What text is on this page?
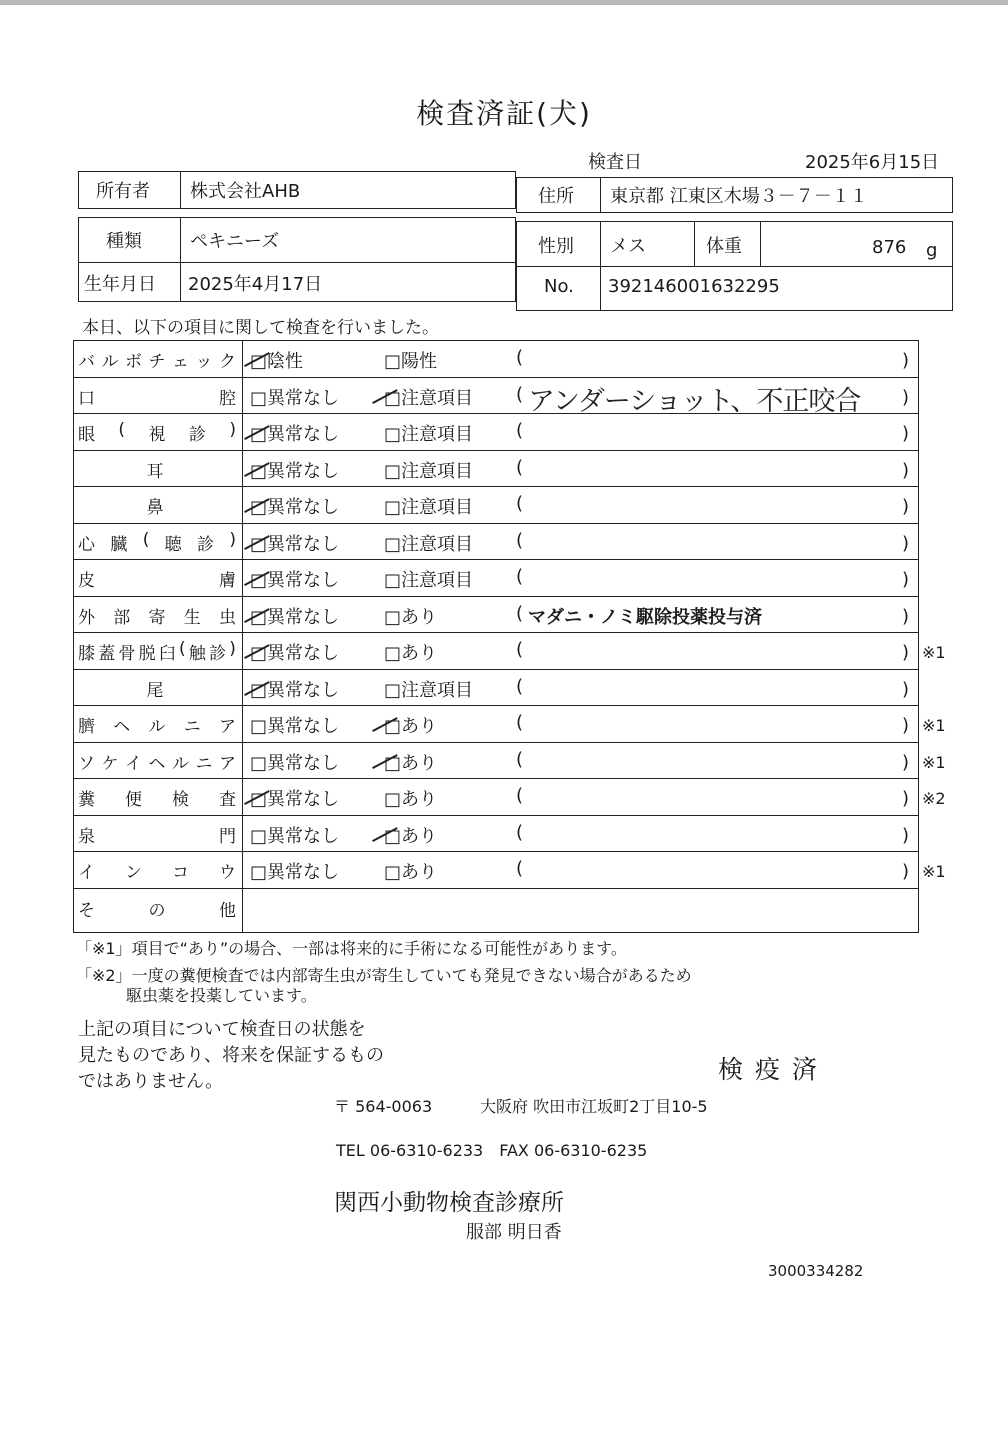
検査済証(犬)
検査日	2025年6月15日
所有者 株式会社AHB	住所 東京都 江東区木場３－７－１１
種類	ペキニーズ
生年月日 2025年4月17日
性別 メス	体重	876 g
No. 392146001632295
本日、以下の項目に関して検査を行いました。
バ ル ボ チ ェ ッ ク □陰性	□陽性	(	)
口	腔 □異常なし □注意項目 (	)
アンダーショット、不正咬合
眼 ( 視 診 ) □異常なし □注意項目 (	)
耳	□異常なし □注意項目 (	)
鼻	□異常なし □注意項目 (	)
心 臓 ( 聴 診 ) □異常なし □注意項目 (	)
皮	膚 □異常なし □注意項目 (	)
外 部 寄 生 虫 □異常なし □あり	(	)
マダニ・ノミ駆除投薬投与済
膝 蓋 骨 脱 臼 ( 触 診 ) □異常なし □あり	(	) ※1
尾	□異常なし □注意項目 (	)
臍 ヘ ル ニ ア □異常なし □あり	(	) ※1
ソ ケ イ ヘ ル ニ ア □異常なし □あり	(	) ※1
糞 便 検 査 □異常なし □あり	(	) ※2
泉	門 □異常なし □あり	(	)
イ ン コ ウ □異常なし □あり	(	) ※1
そ	の	他
「※1」項目で“あり”の場合、一部は将来的に手術になる可能性があります。
「※2」一度の糞便検査では内部寄生虫が寄生していても発見できない場合があるため
駆虫薬を投薬しています。
上記の項目について検査日の状態を
見たものであり、将来を保証するもの
ではありません。	検 疫 済
〒 564-0063	大阪府 吹田市江坂町2丁目10-5
TEL 06-6310-6233　FAX 06-6310-6235
関西小動物検査診療所
服部 明日香
3000334282
